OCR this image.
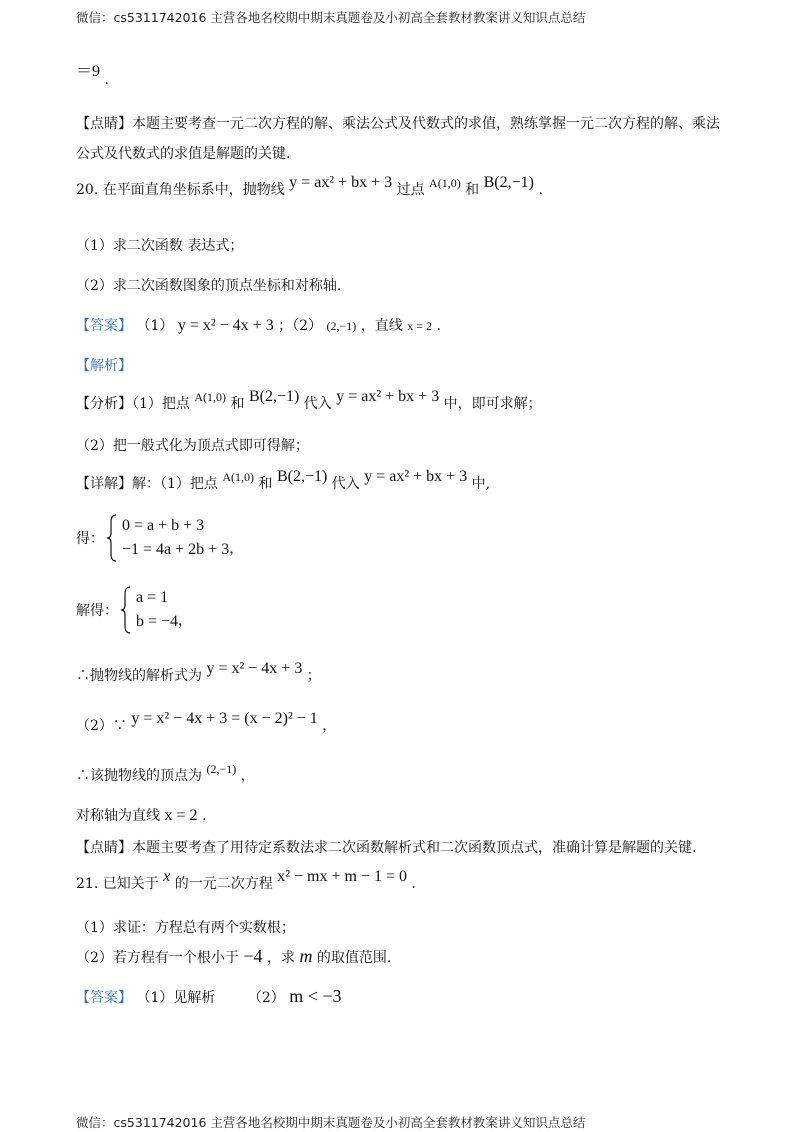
微信：cs5311742016 主营各地名校期中期末真题卷及小初高全套教材教案讲义知识点总结
＝9 .
【点睛】本题主要考查一元二次方程的解、乘法公式及代数式的求值，熟练掌握一元二次方程的解、乘法
公式及代数式的求值是解题的关键.
20. 在平面直角坐标系中，抛物线 y = ax² + bx + 3 过点 A(1,0) 和 B(2,−1) .
（1）求二次函数 表达式；
（2）求二次函数图象的顶点坐标和对称轴.
【答案】 （1） y = x² − 4x + 3 ；（2） (2,−1) ，直线 x = 2 .
【解析】
【分析】（1）把点 A(1,0) 和 B(2,−1) 代入 y = ax² + bx + 3 中，即可求解；
（2）把一般式化为顶点式即可得解；
【详解】解：（1）把点 A(1,0) 和 B(2,−1) 代入 y = ax² + bx + 3 中,
得：
0 = a + b + 3
−1 = 4a + 2b + 3 ，
解得：
a = 1
b = −4 ，
∴抛物线的解析式为 y = x² − 4x + 3 ；
（2）∵ y = x² − 4x + 3 = (x − 2)² − 1 ，
∴该抛物线的顶点为 (2,−1) ，
对称轴为直线 x = 2 .
【点睛】本题主要考查了用待定系数法求二次函数解析式和二次函数顶点式，准确计算是解题的关键.
21. 已知关于 x 的一元二次方程 x² − mx + m − 1 = 0 .
（1）求证：方程总有两个实数根；
（2）若方程有一个根小于 −4 ，求 m 的取值范围.
【答案】 （1）见解析 （2） m < −3
微信：cs5311742016 主营各地名校期中期末真题卷及小初高全套教材教案讲义知识点总结
